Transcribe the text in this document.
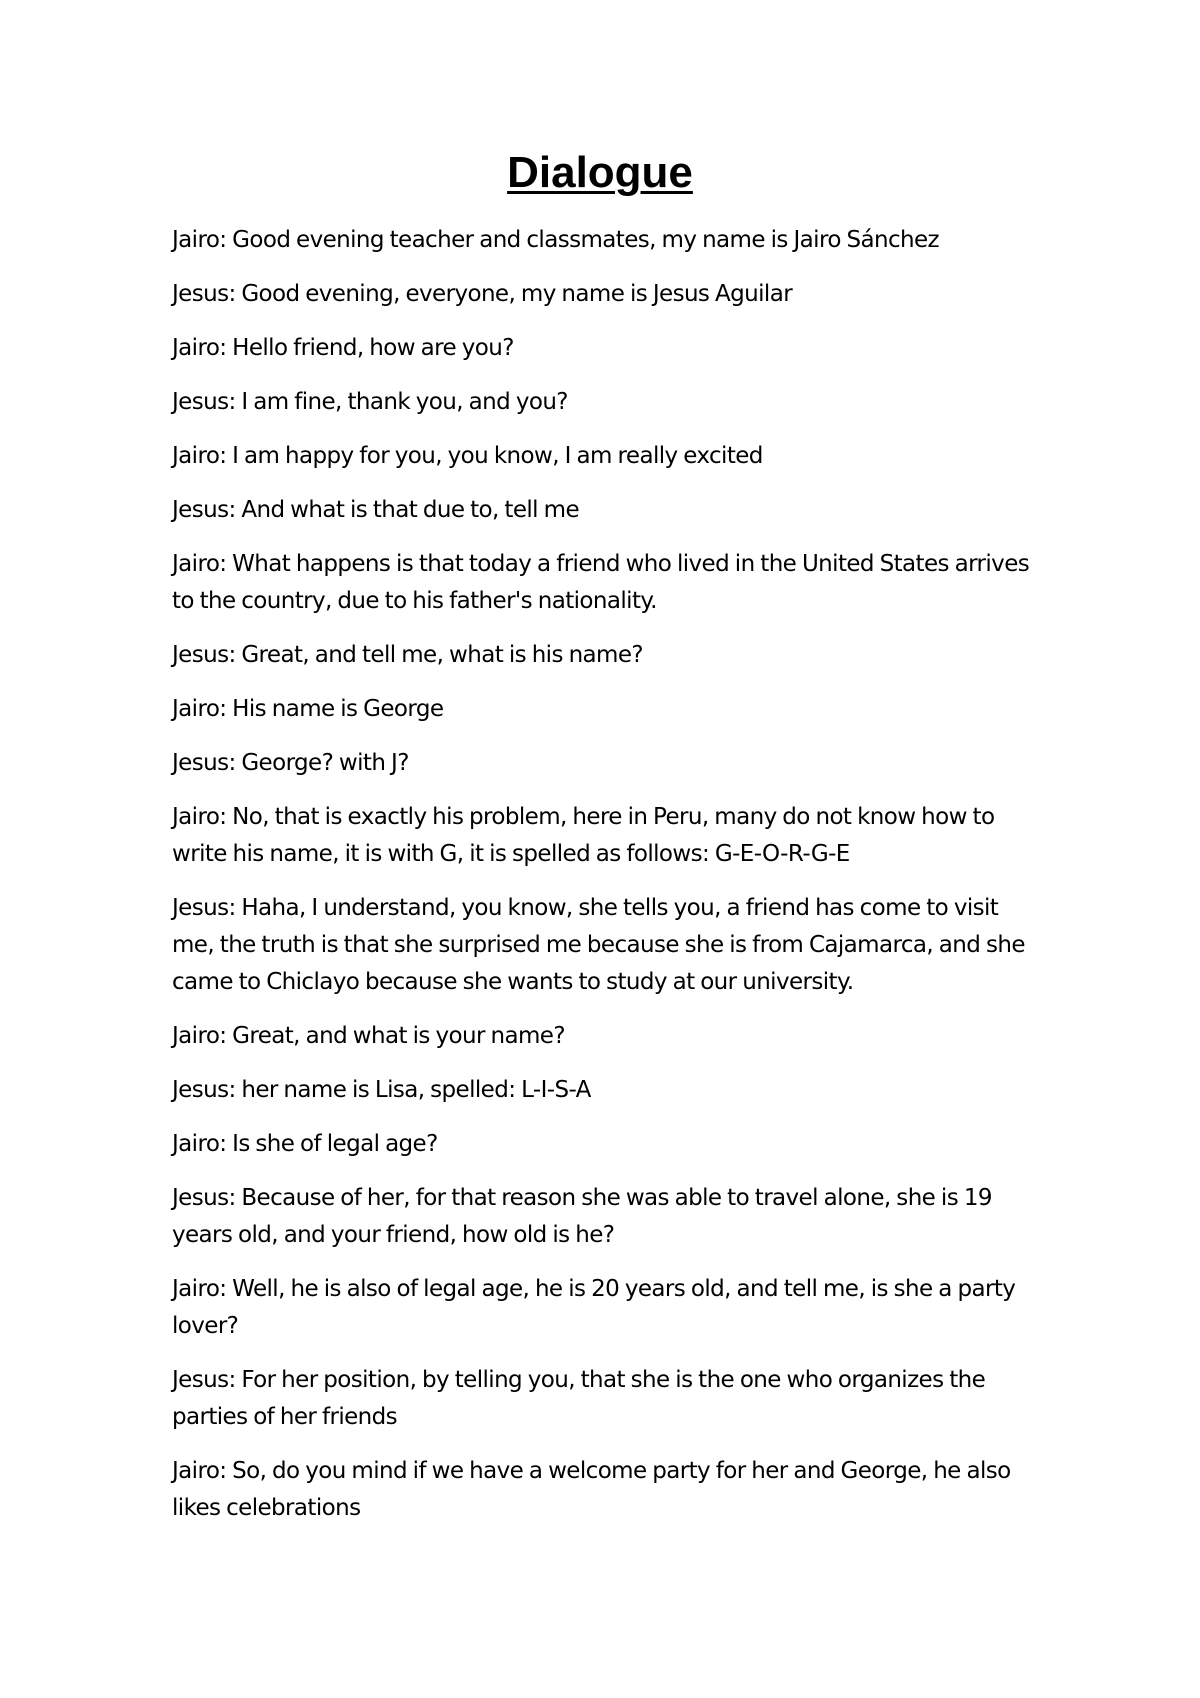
Dialogue
Jairo: Good evening teacher and classmates, my name is Jairo Sánchez
Jesus: Good evening, everyone, my name is Jesus Aguilar
Jairo: Hello friend, how are you?
Jesus: I am fine, thank you, and you?
Jairo: I am happy for you, you know, I am really excited
Jesus: And what is that due to, tell me
Jairo: What happens is that today a friend who lived in the United States arrives to the country, due to his father's nationality.
Jesus: Great, and tell me, what is his name?
Jairo: His name is George
Jesus: George? with J?
Jairo: No, that is exactly his problem, here in Peru, many do not know how to write his name, it is with G, it is spelled as follows: G-E-O-R-G-E
Jesus: Haha, I understand, you know, she tells you, a friend has come to visit me, the truth is that she surprised me because she is from Cajamarca, and she came to Chiclayo because she wants to study at our university.
Jairo: Great, and what is your name?
Jesus: her name is Lisa, spelled: L-I-S-A
Jairo: Is she of legal age?
Jesus: Because of her, for that reason she was able to travel alone, she is 19 years old, and your friend, how old is he?
Jairo: Well, he is also of legal age, he is 20 years old, and tell me, is she a party lover?
Jesus: For her position, by telling you, that she is the one who organizes the parties of her friends
Jairo: So, do you mind if we have a welcome party for her and George, he also likes celebrations
